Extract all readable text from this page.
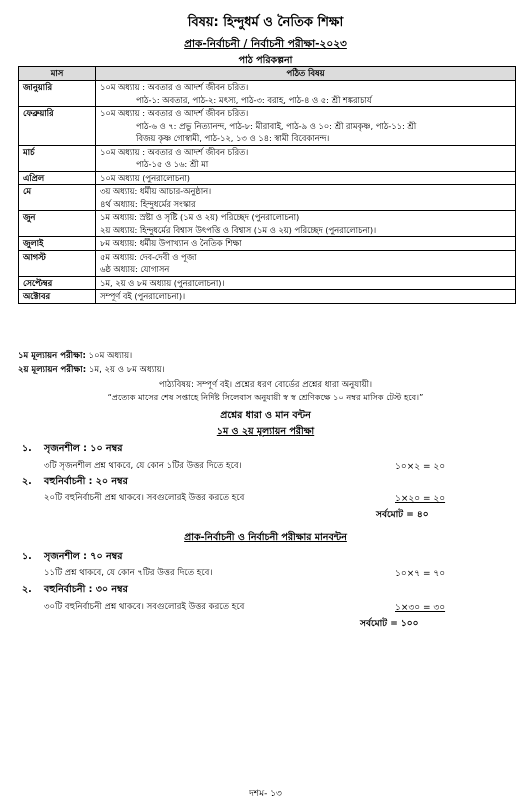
বিষয়: হিন্দুধর্ম ও নৈতিক শিক্ষা
প্রাক-নির্বাচনী / নির্বাচনী পরীক্ষা-২০২৩
পাঠ পরিকল্পনা
মাস	পঠিত বিষয়
জানুয়ারি	১০ম অধ্যায় : অবতার ও আদর্শ জীবন চরিত।
পাঠ-১: অবতার, পাঠ-২: মৎস্য, পাঠ-৩: বরাহ, পাঠ-৪ ও ৫: শ্রী শঙ্করাচার্য

ফেব্রুয়ারি	১০ম অধ্যায় : অবতার ও আদর্শ জীবন চরিত।
পাঠ-৬ ও ৭: প্রভু নিত্যানন্দ, পাঠ-৮: মীরাবাই, পাঠ-৯ ও ১০: শ্রী রামকৃষ্ণ, পাঠ-১১: শ্রী
বিজয় কৃষ্ণ গোস্বামী, পাঠ-১২, ১৩ ও ১৪: স্বামী বিবেকানন্দ।

মার্চ	১০ম অধ্যায় : অবতার ও আদর্শ জীবন চরিত।
পাঠ-১৫ ও ১৬: শ্রী মা

এপ্রিল	১০ম অধ্যায় (পুনরালোচনা)

মে	৩য় অধ্যায়: ধর্মীয় আচার-অনুষ্ঠান।
৪র্থ অধ্যায়: হিন্দুধর্মের সংস্কার

জুন	১ম অধ্যায়: স্রষ্টা ও সৃষ্টি (১ম ও ২য়) পরিচ্ছেদ (পুনরালোচনা)
২য় অধ্যায়: হিন্দুধর্মের বিশ্বাস উৎপত্তি ও বিশ্বাস (১ম ও ২য়) পরিচ্ছেদ (পুনরালোচনা)।

জুলাই	৮ম অধ্যায়: ধর্মীয় উপাখ্যান ও নৈতিক শিক্ষা

আগস্ট	৫ম অধ্যায়: দেব-দেবী ও পূজা
৬ষ্ঠ অধ্যায়: যোগাসন

সেপ্টেম্বর	১ম, ২য় ও ৮ম অধ্যায় (পুনরালোচনা)।

অক্টোবর	সম্পূর্ণ বই (পুনরালোচনা)।
১ম মূল্যায়ন পরীক্ষা: ১০ম অধ্যায়।
২য় মূল্যায়ন পরীক্ষা: ১ম, ২য় ও ৮ম অধ্যায়।
পাঠ্যবিষয়: সম্পূর্ণ বই। প্রশ্নের ধরণ বোর্ডের প্রশ্নের ধারা অনুযায়ী।
“প্রত্যেক মাসের শেষ সপ্তাহে নির্দিষ্ট সিলেবাস অনুযায়ী স্ব স্ব শ্রেণিকক্ষে ১০ নম্বর মাসিক টেস্ট হবে।”
প্রশ্নের ধারা ও মান বন্টন
১ম ও ২য় মূল্যায়ন পরীক্ষা
১. সৃজনশীল : ১০ নম্বর
৩টি সৃজনশীল প্রশ্ন থাকবে, যে কোন ১টির উত্তর দিতে হবে।	১০×২ = ২০
২. বহুনির্বাচনী : ২০ নম্বর
২০টি বহুনির্বাচনী প্রশ্ন থাকবে। সবগুলোরই উত্তর করতে হবে	১×২০ = ২০
সর্বমোট = ৪০
প্রাক-নির্বাচনী ও নির্বাচনী পরীক্ষার মানবন্টন
১. সৃজনশীল : ৭০ নম্বর
১১টি প্রশ্ন থাকবে, যে কোন ৭টির উত্তর দিতে হবে।	১০×৭ = ৭০
২. বহুনির্বাচনী : ৩০ নম্বর
৩০টি বহুনির্বাচনী প্রশ্ন থাকবে। সবগুলোরই উত্তর করতে হবে	১×৩০ = ৩০
সর্বমোট = ১০০
দশম- ১৩
